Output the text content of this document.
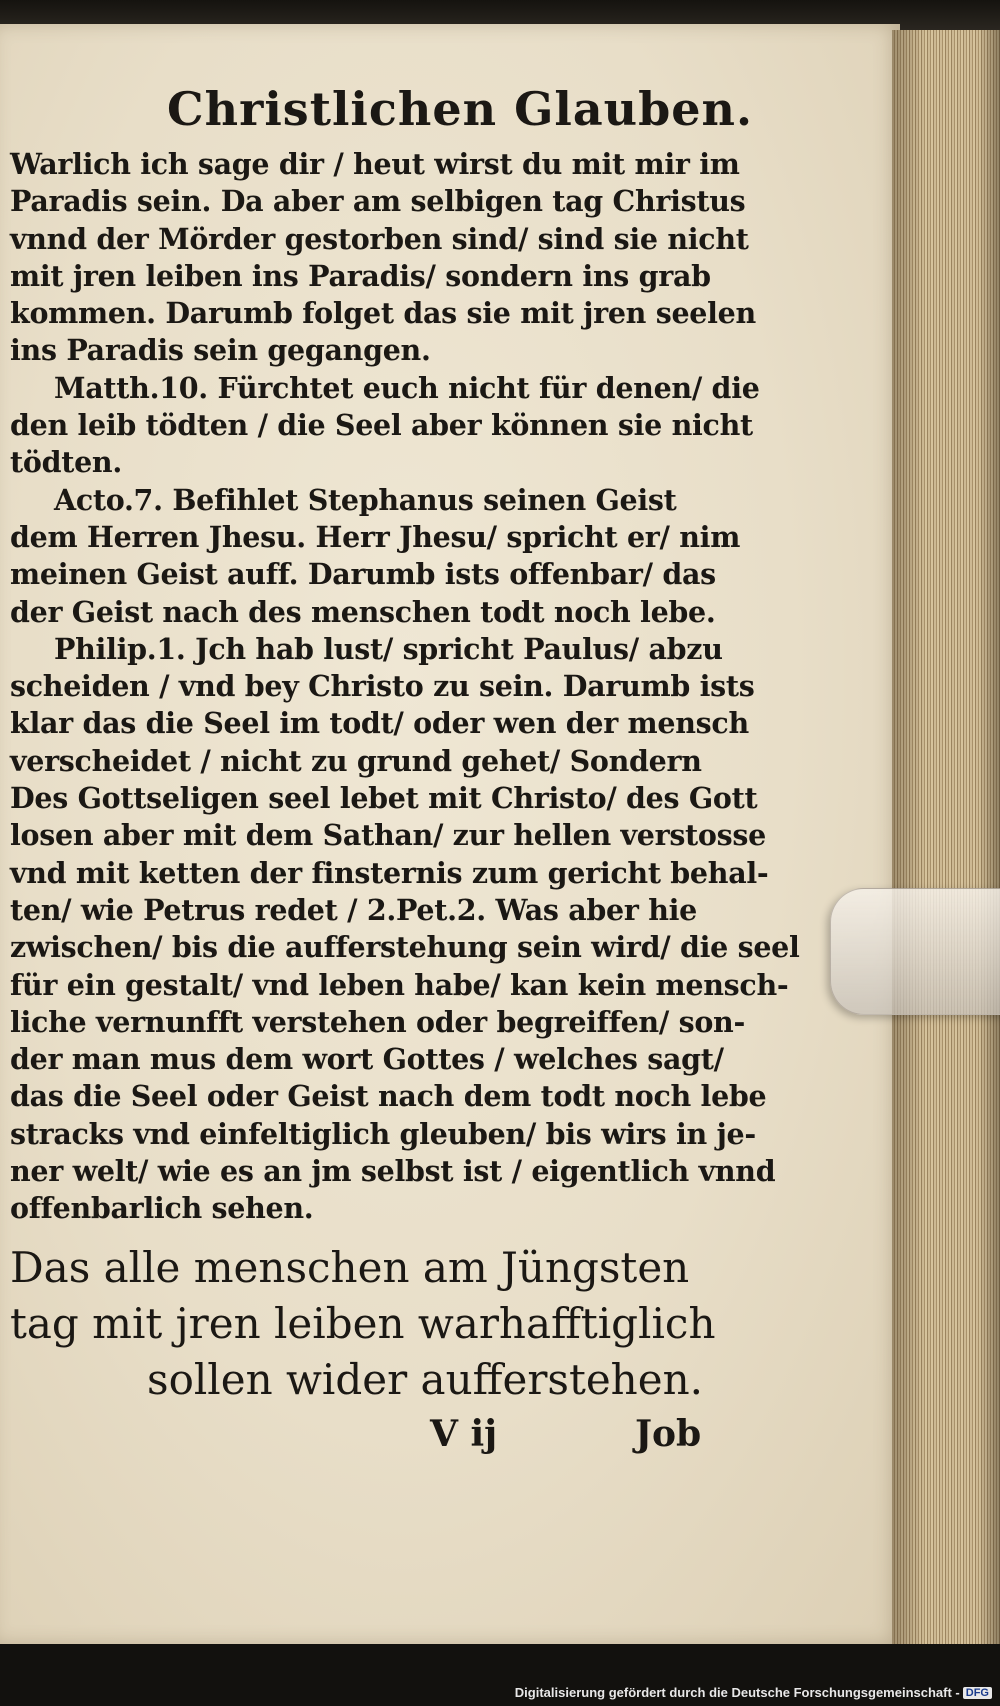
Christlichen Glauben.
Warlich ich sage dir / heut wirst du mit mir im
Paradis sein. Da aber am selbigen tag Christus
vnnd der Mörder gestorben sind/ sind sie nicht
mit jren leiben ins Paradis/ sondern ins grab
kommen. Darumb folget das sie mit jren seelen
ins Paradis sein gegangen.
Matth.10. Fürchtet euch nicht für denen/ die
den leib tödten / die Seel aber können sie nicht
tödten.
Acto.7. Befihlet Stephanus seinen Geist
dem Herren Jhesu. Herr Jhesu/ spricht er/ nim
meinen Geist auff. Darumb ists offenbar/ das
der Geist nach des menschen todt noch lebe.
Philip.1. Jch hab lust/ spricht Paulus/ abzu
scheiden / vnd bey Christo zu sein. Darumb ists
klar das die Seel im todt/ oder wen der mensch
verscheidet / nicht zu grund gehet/ Sondern
Des Gottseligen seel lebet mit Christo/ des Gott
losen aber mit dem Sathan/ zur hellen verstosse
vnd mit ketten der finsternis zum gericht behal-
ten/ wie Petrus redet / 2.Pet.2. Was aber hie
zwischen/ bis die aufferstehung sein wird/ die seel
für ein gestalt/ vnd leben habe/ kan kein mensch-
liche vernunfft verstehen oder begreiffen/ son-
der man mus dem wort Gottes / welches sagt/
das die Seel oder Geist nach dem todt noch lebe
stracks vnd einfeltiglich gleuben/ bis wirs in je-
ner welt/ wie es an jm selbst ist / eigentlich vnnd
offenbarlich sehen.
Das alle menschen am Jüngsten
tag mit jren leiben warhafftiglich
sollen wider aufferstehen.
V ij	Job
Digitalisierung gefördert durch die Deutsche Forschungsgemeinschaft - DFG
